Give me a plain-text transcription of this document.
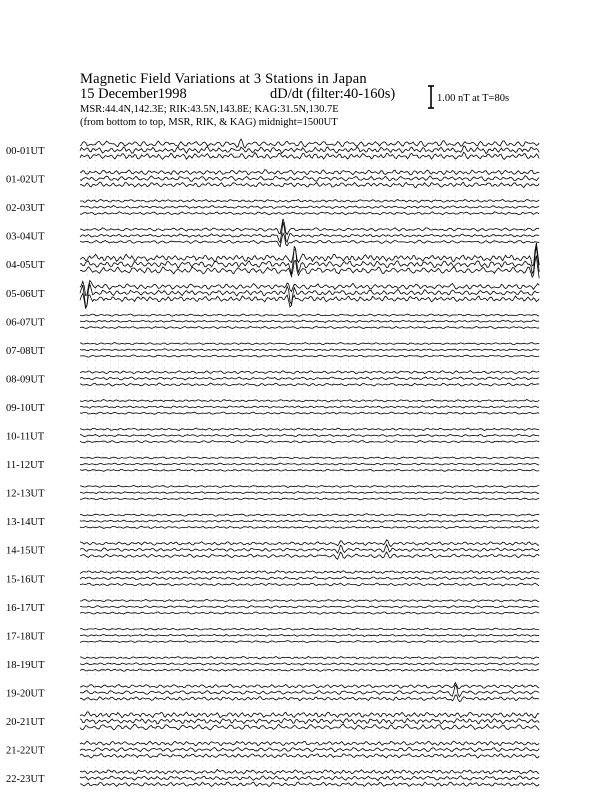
Magnetic Field Variations at 3 Stations in Japan
15 December1998	dD/dt (filter:40-160s)
MSR:44.4N,142.3E; RIK:43.5N,143.8E; KAG:31.5N,130.7E
(from bottom to top, MSR, RIK, & KAG) midnight=1500UT
00-01UT
01-02UT
02-03UT
03-04UT
04-05UT
05-06UT
06-07UT
07-08UT
08-09UT
09-10UT
10-11UT
11-12UT
12-13UT
13-14UT
14-15UT
15-16UT
16-17UT
17-18UT
18-19UT
19-20UT
20-21UT
21-22UT
22-23UT
1.00 nT at T=80s
